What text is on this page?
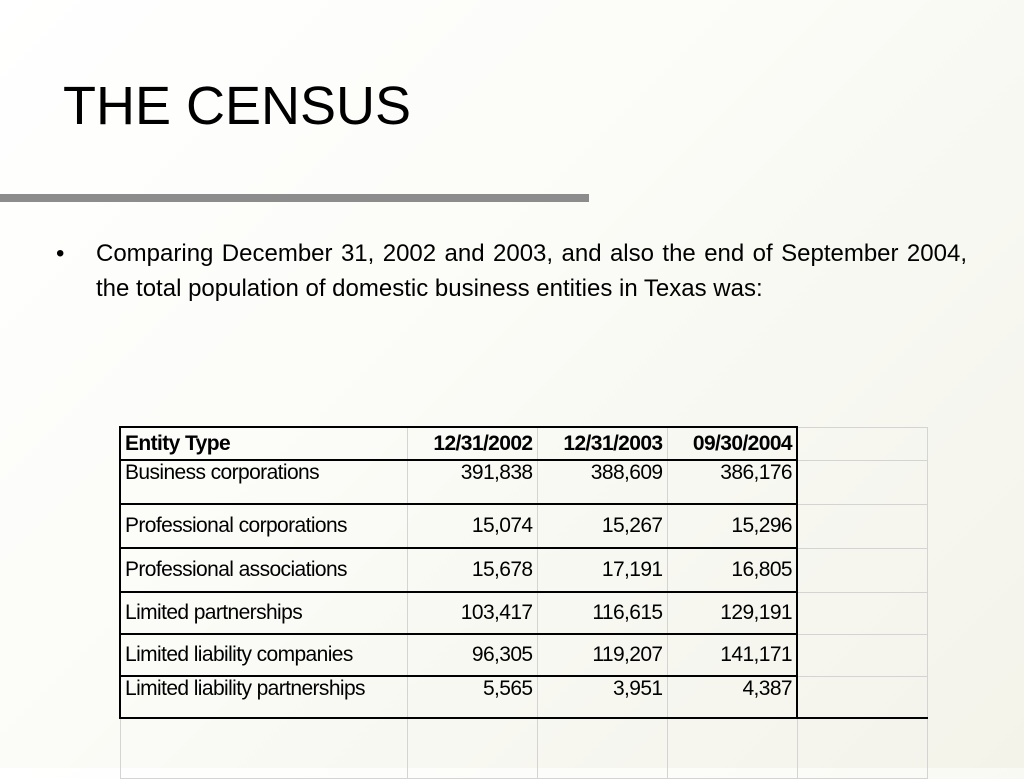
THE CENSUS
•	Comparing December 31, 2002 and 2003, and also the end of September 2004, the total population of domestic business entities in Texas was:
Entity Type	12/31/2002	12/31/2003	09/30/2004	
Business corporations	391,838	388,609	386,176	
Professional corporations	15,074	15,267	15,296	
Professional associations	15,678	17,191	16,805	
Limited partnerships	103,417	116,615	129,191	
Limited liability companies	96,305	119,207	141,171	
Limited liability partnerships	5,565	3,951	4,387	
